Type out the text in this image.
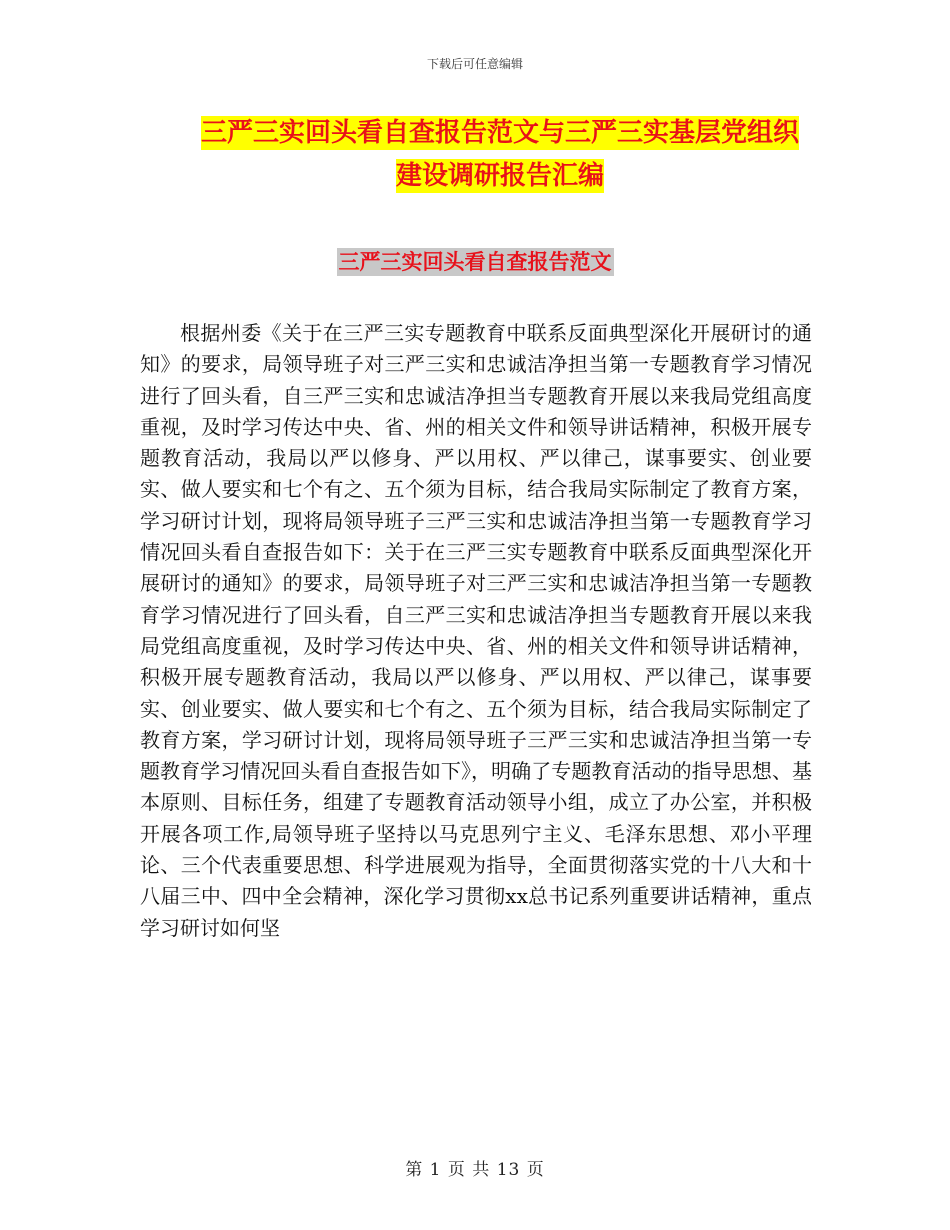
下载后可任意编辑
三严三实回头看自查报告范文与三严三实基层党组织
建设调研报告汇编
三严三实回头看自查报告范文

根据州委《关于在三严三实专题教育中联系反面典型深化开展研讨的通知》的要求，局领导班子对三严三实和忠诚洁净担当第一专题教育学习情况进行了回头看，自三严三实和忠诚洁净担当专题教育开展以来我局党组高度重视，及时学习传达中央、省、州的相关文件和领导讲话精神，积极开展专题教育活动，我局以严以修身、严以用权、严以律己，谋事要实、创业要实、做人要实和七个有之、五个须为目标，结合我局实际制定了教育方案，学习研讨计划，现将局领导班子三严三实和忠诚洁净担当第一专题教育学习情况回头看自查报告如下：关于在三严三实专题教育中联系反面典型深化开展研讨的通知》的要求，局领导班子对三严三实和忠诚洁净担当第一专题教育学习情况进行了回头看，自三严三实和忠诚洁净担当专题教育开展以来我局党组高度重视，及时学习传达中央、省、州的相关文件和领导讲话精神，积极开展专题教育活动，我局以严以修身、严以用权、严以律己，谋事要实、创业要实、做人要实和七个有之、五个须为目标，结合我局实际制定了教育方案，学习研讨计划，现将局领导班子三严三实和忠诚洁净担当第一专题教育学习情况回头看自查报告如下》，明确了专题教育活动的指导思想、基本原则、目标任务，组建了专题教育活动领导小组，成立了办公室，并积极开展各项工作,局领导班子坚持以马克思列宁主义、毛泽东思想、邓小平理论、三个代表重要思想、科学进展观为指导，全面贯彻落实党的十八大和十八届三中、四中全会精神，深化学习贯彻xx总书记系列重要讲话精神，重点学习研讨如何坚

第 1 页 共 13 页
